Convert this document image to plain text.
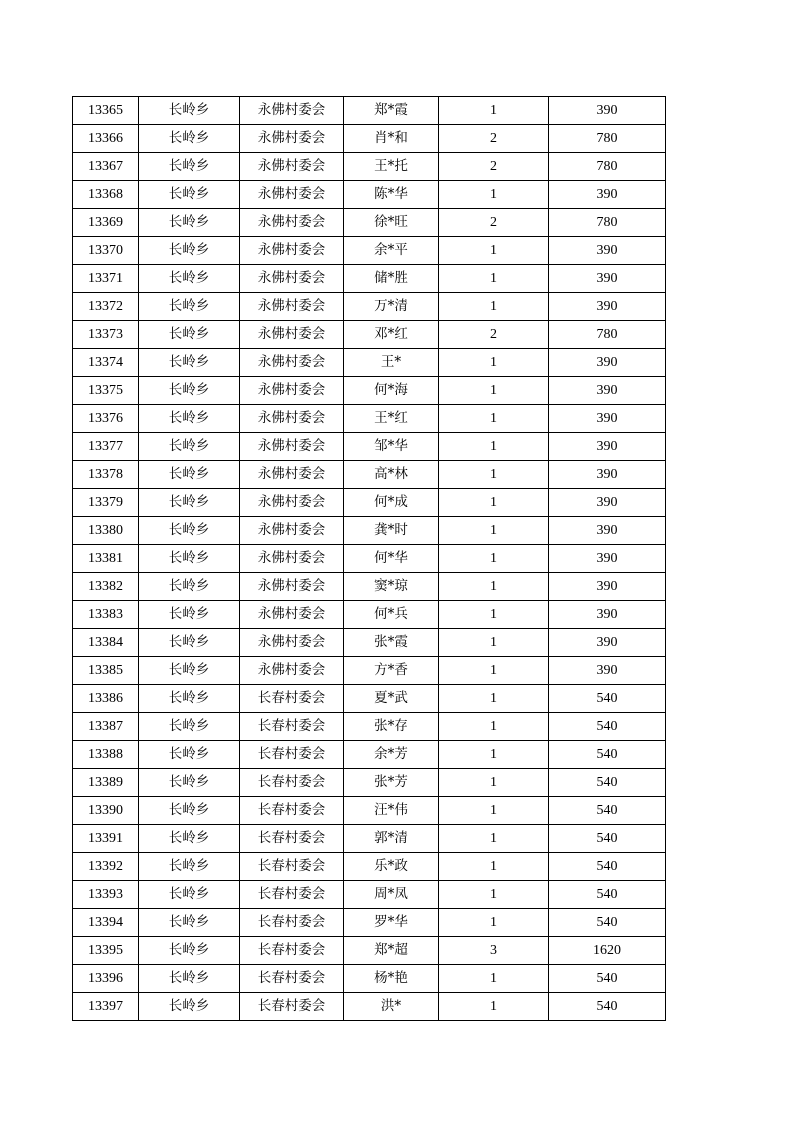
13365	长岭乡	永佛村委会	郑*霞	1	390
13366	长岭乡	永佛村委会	肖*和	2	780
13367	长岭乡	永佛村委会	王*托	2	780
13368	长岭乡	永佛村委会	陈*华	1	390
13369	长岭乡	永佛村委会	徐*旺	2	780
13370	长岭乡	永佛村委会	余*平	1	390
13371	长岭乡	永佛村委会	储*胜	1	390
13372	长岭乡	永佛村委会	万*清	1	390
13373	长岭乡	永佛村委会	邓*红	2	780
13374	长岭乡	永佛村委会	王*	1	390
13375	长岭乡	永佛村委会	何*海	1	390
13376	长岭乡	永佛村委会	王*红	1	390
13377	长岭乡	永佛村委会	邹*华	1	390
13378	长岭乡	永佛村委会	高*林	1	390
13379	长岭乡	永佛村委会	何*成	1	390
13380	长岭乡	永佛村委会	龚*时	1	390
13381	长岭乡	永佛村委会	何*华	1	390
13382	长岭乡	永佛村委会	窦*琼	1	390
13383	长岭乡	永佛村委会	何*兵	1	390
13384	长岭乡	永佛村委会	张*霞	1	390
13385	长岭乡	永佛村委会	方*香	1	390
13386	长岭乡	长春村委会	夏*武	1	540
13387	长岭乡	长春村委会	张*存	1	540
13388	长岭乡	长春村委会	余*芳	1	540
13389	长岭乡	长春村委会	张*芳	1	540
13390	长岭乡	长春村委会	汪*伟	1	540
13391	长岭乡	长春村委会	郭*清	1	540
13392	长岭乡	长春村委会	乐*政	1	540
13393	长岭乡	长春村委会	周*凤	1	540
13394	长岭乡	长春村委会	罗*华	1	540
13395	长岭乡	长春村委会	郑*超	3	1620
13396	长岭乡	长春村委会	杨*艳	1	540
13397	长岭乡	长春村委会	洪*	1	540
